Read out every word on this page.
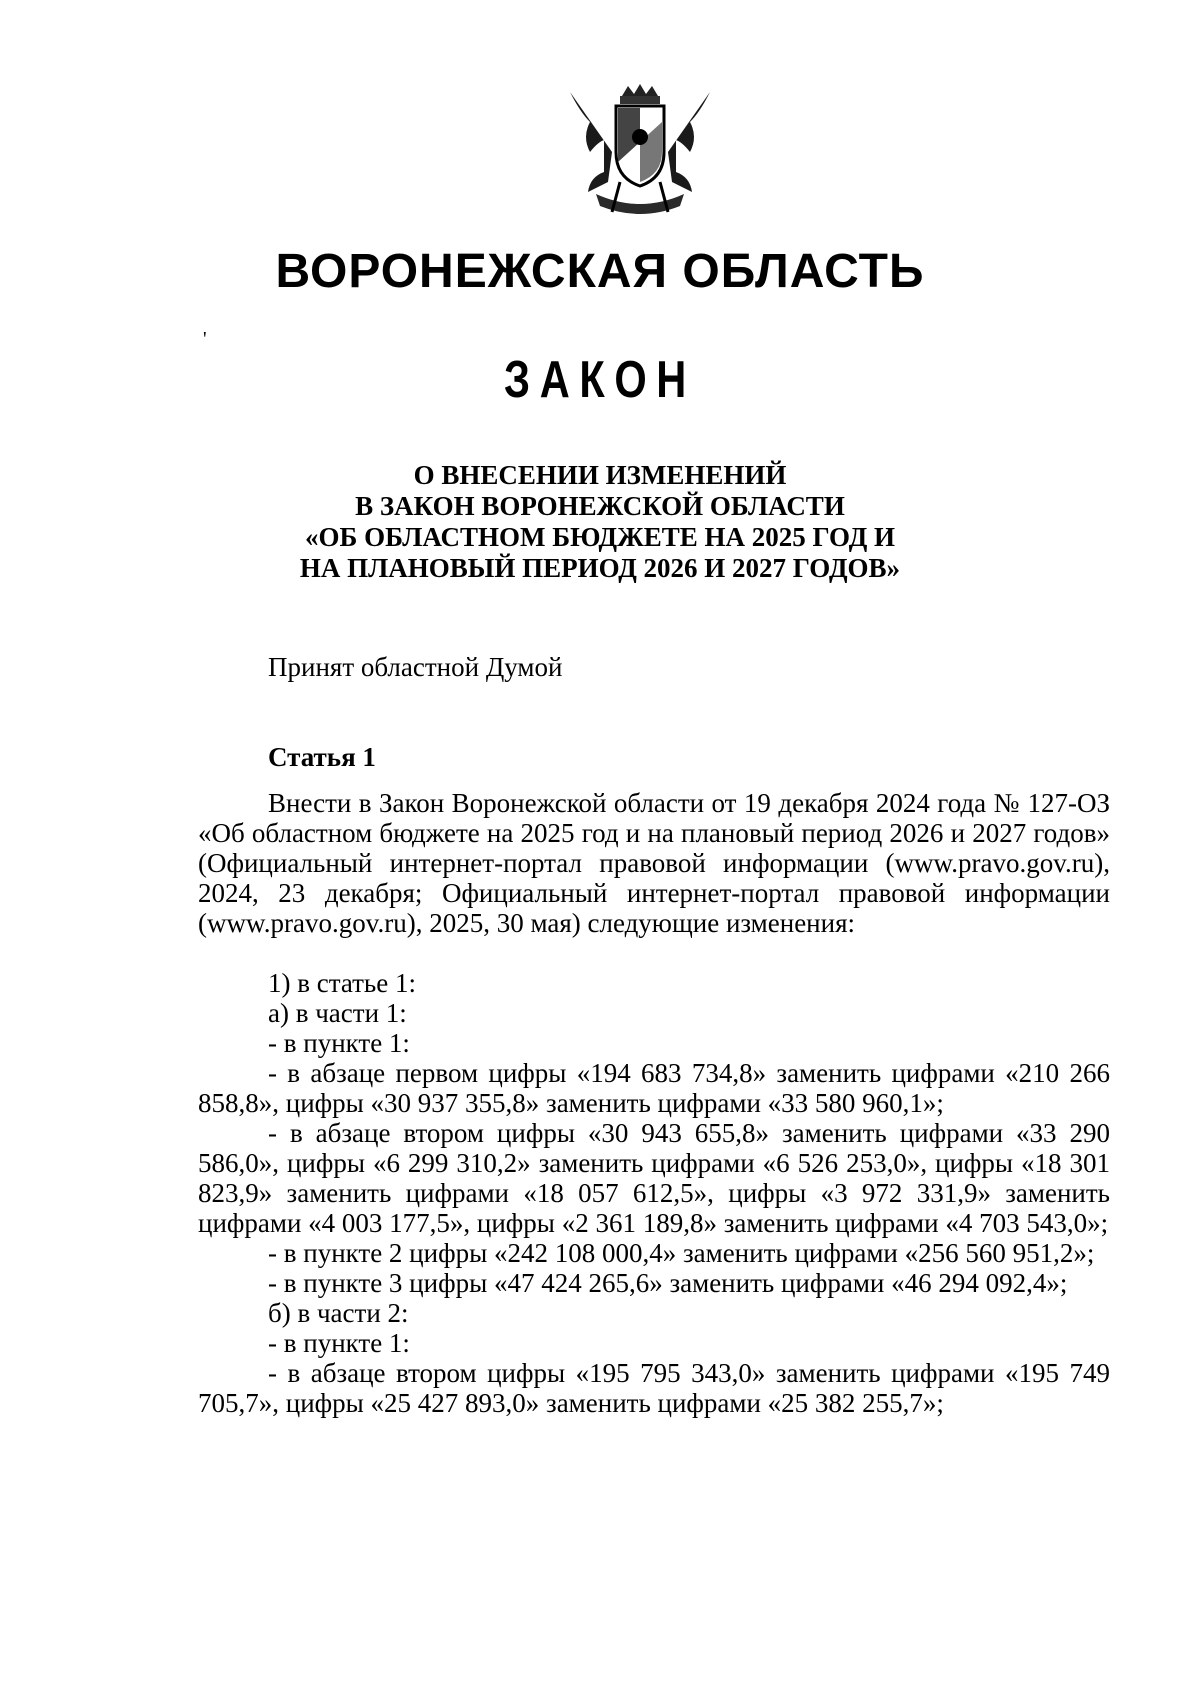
ВОРОНЕЖСКАЯ ОБЛАСТЬ
'
ЗАКОН
О ВНЕСЕНИИ ИЗМЕНЕНИЙ
В ЗАКОН ВОРОНЕЖСКОЙ ОБЛАСТИ
«ОБ ОБЛАСТНОМ БЮДЖЕТЕ НА 2025 ГОД И
НА ПЛАНОВЫЙ ПЕРИОД 2026 И 2027 ГОДОВ»
Принят областной Думой
Статья 1

Внести в Закон Воронежской области от 19 декабря 2024 года № 127-ОЗ «Об областном бюджете на 2025 год и на плановый период 2026 и 2027 годов» (Официальный интернет-портал правовой информации (www.pravo.gov.ru), 2024, 23 декабря; Официальный интернет-портал правовой информации (www.pravo.gov.ru), 2025, 30 мая) следующие изменения:

1) в статье 1:

а) в части 1:

- в пункте 1:

- в абзаце первом цифры «194 683 734,8» заменить цифрами «210 266 858,8», цифры «30 937 355,8» заменить цифрами «33 580 960,1»;

- в абзаце втором цифры «30 943 655,8» заменить цифрами «33 290 586,0», цифры «6 299 310,2» заменить цифрами «6 526 253,0», цифры «18 301 823,9» заменить цифрами «18 057 612,5», цифры «3 972 331,9» заменить цифрами «4 003 177,5», цифры «2 361 189,8» заменить цифрами «4 703 543,0»;

- в пункте 2 цифры «242 108 000,4» заменить цифрами «256 560 951,2»;

- в пункте 3 цифры «47 424 265,6» заменить цифрами «46 294 092,4»;

б) в части 2:

- в пункте 1:

- в абзаце втором цифры «195 795 343,0» заменить цифрами «195 749 705,7», цифры «25 427 893,0» заменить цифрами «25 382 255,7»;
